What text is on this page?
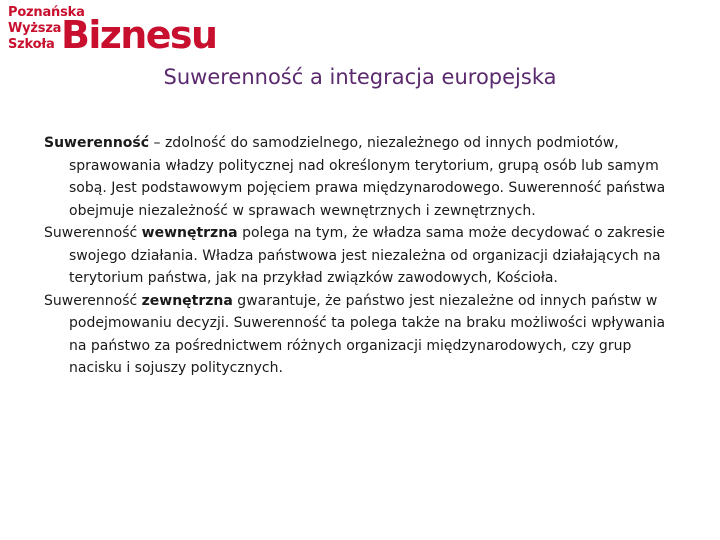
Poznańska
Wyższa
Szkoła Biznesu
Suwerenność a integracja europejska

Suwerenność – zdolność do samodzielnego, niezależnego od innych podmiotów, sprawowania władzy politycznej nad określonym terytorium, grupą osób lub samym sobą. Jest podstawowym pojęciem prawa międzynarodowego. Suwerenność państwa obejmuje niezależność w sprawach wewnętrznych i zewnętrznych.

Suwerenność wewnętrzna polega na tym, że władza sama może decydować o zakresie swojego działania. Władza państwowa jest niezależna od organizacji działających na terytorium państwa, jak na przykład związków zawodowych, Kościoła.

Suwerenność zewnętrzna gwarantuje, że państwo jest niezależne od innych państw w podejmowaniu decyzji. Suwerenność ta polega także na braku możliwości wpływania na państwo za pośrednictwem różnych organizacji międzynarodowych, czy grup nacisku i sojuszy politycznych.
